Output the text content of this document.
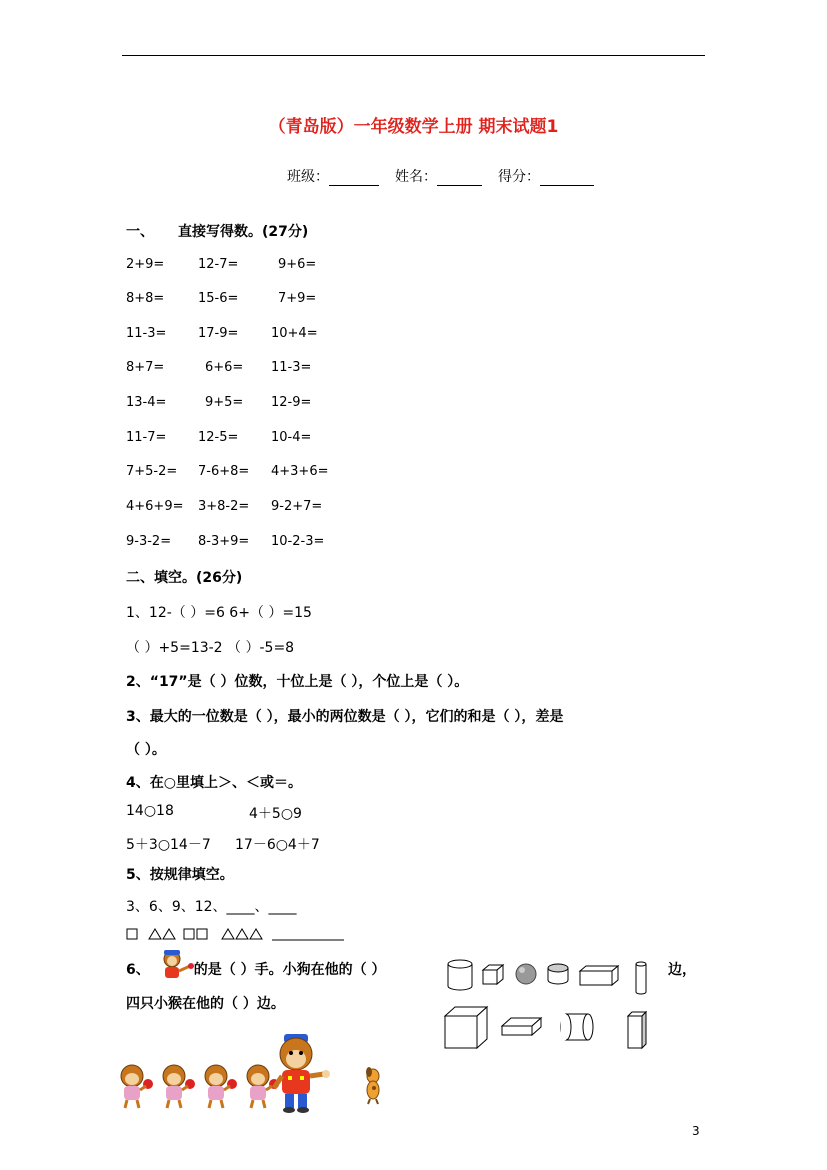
（青岛版）一年级数学上册 期末试题1
班级：	姓名：	得分：
一、 直接写得数。(27分)
2+9=	12-7=	9+6=
8+8=	15-6=	7+9=
11-3= 17-9=	10+4=
8+7=	6+6= 11-3=
13-4=	9+5= 12-9=
11-7= 12-5=	10-4=
7+5-2= 7-6+8= 4+3+6=
4+6+9= 3+8-2= 9-2+7=
9-3-2= 8-3+9= 10-2-3=
二、填空。(26分)
1、12-（ ）=6 6+（ ）=15
（ ）+5=13-2 （ ）-5=8
2、“17”是（ ）位数，十位上是（ ），个位上是（ ）。
3、最大的一位数是（ ），最小的两位数是（ ），它们的和是（ ），差是
（ ）。
4、在○里填上＞、＜或＝。
14○18	4＋5○9
5＋3○14－7 17－6○4＋7
5、按规律填空。
3、6、9、12、____、____
6、	的是（ ）手。小狗在他的（ ）	边，
四只小猴在他的（ ）边。
3
